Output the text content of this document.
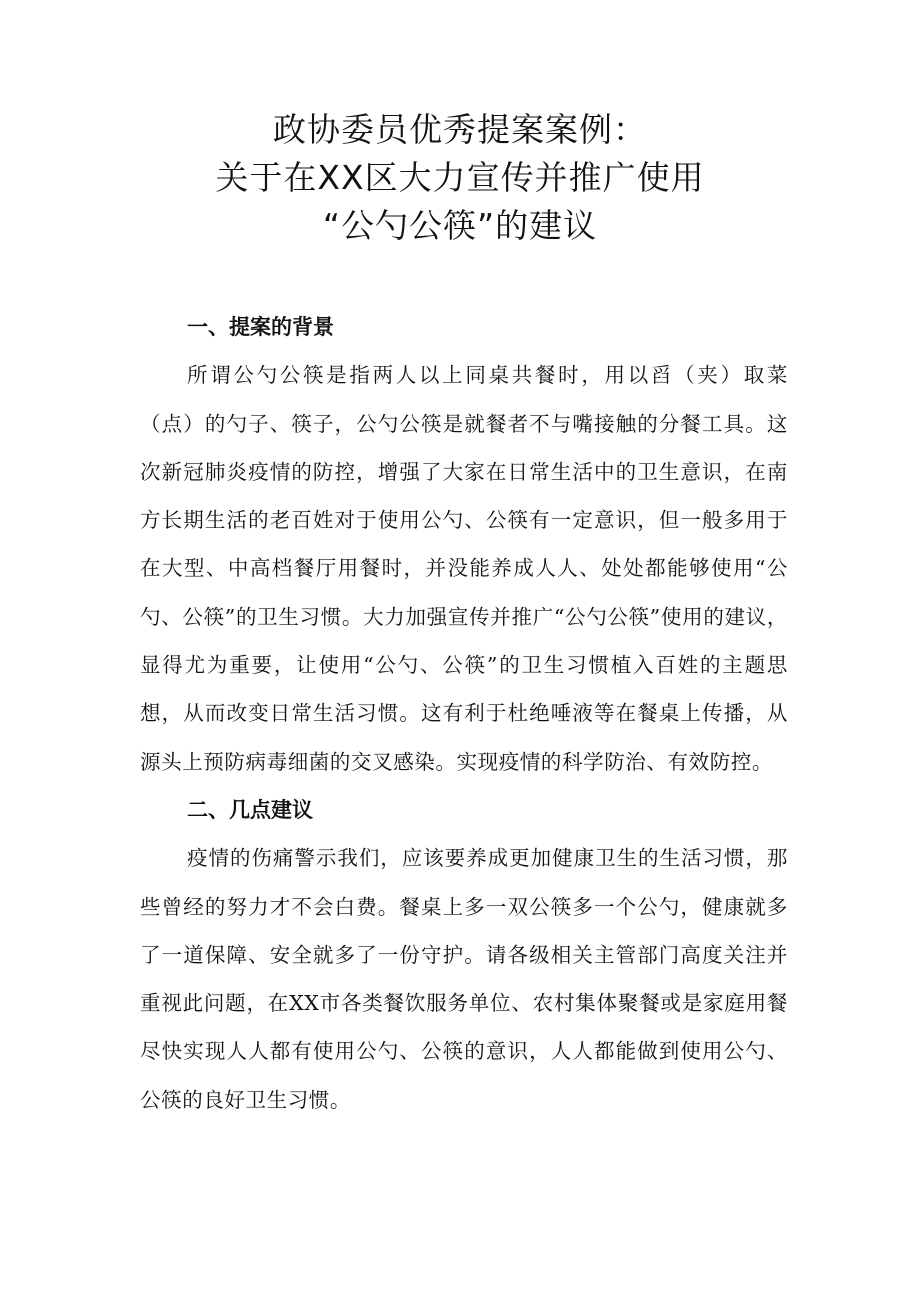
政协委员优秀提案案例：
关于在XX区大力宣传并推广使用
“公勺公筷”的建议
一、提案的背景

所谓公勺公筷是指两人以上同桌共餐时，用以舀（夹）取菜（点）的勺子、筷子，公勺公筷是就餐者不与嘴接触的分餐工具。这次新冠肺炎疫情的防控，增强了大家在日常生活中的卫生意识，在南方长期生活的老百姓对于使用公勺、公筷有一定意识，但一般多用于在大型、中高档餐厅用餐时，并没能养成人人、处处都能够使用“公勺、公筷”的卫生习惯。大力加强宣传并推广“公勺公筷”使用的建议，显得尤为重要，让使用“公勺、公筷”的卫生习惯植入百姓的主题思想，从而改变日常生活习惯。这有利于杜绝唾液等在餐桌上传播，从源头上预防病毒细菌的交叉感染。实现疫情的科学防治、有效防控。

二、几点建议

疫情的伤痛警示我们，应该要养成更加健康卫生的生活习惯，那些曾经的努力才不会白费。餐桌上多一双公筷多一个公勺，健康就多了一道保障、安全就多了一份守护。请各级相关主管部门高度关注并重视此问题，在XX市各类餐饮服务单位、农村集体聚餐或是家庭用餐尽快实现人人都有使用公勺、公筷的意识，人人都能做到使用公勺、公筷的良好卫生习惯。
